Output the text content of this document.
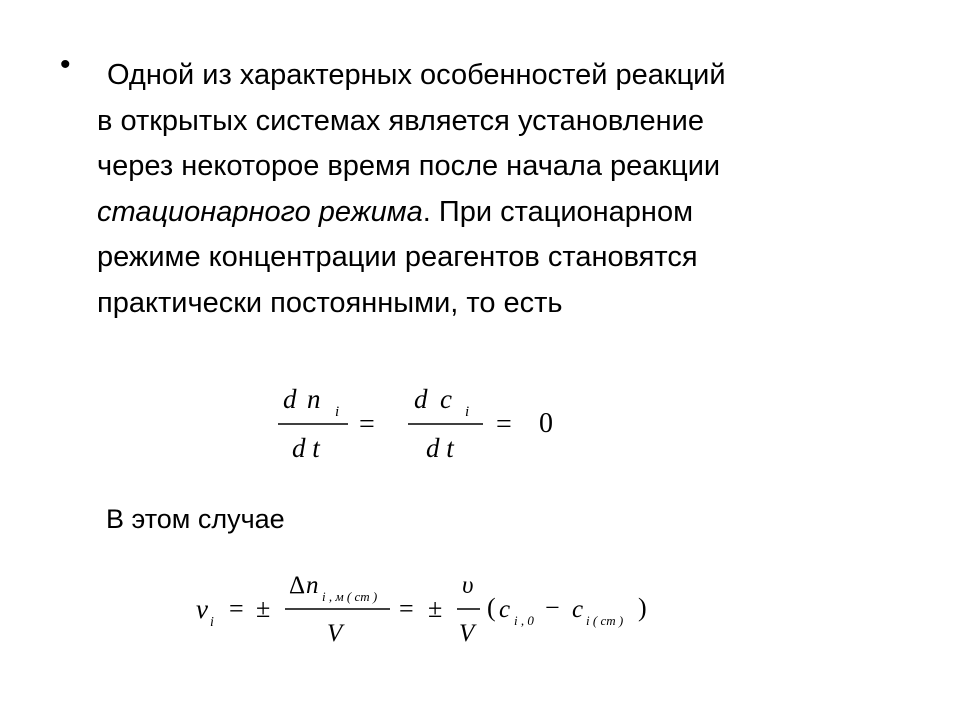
•	Одной из характерных особенностей реакций
в открытых системах является установление
через некоторое время после начала реакции
стационарного режима. При стационарном
режиме концентрации реагентов становятся
практически постоянными, то есть
d n i
d t
=
d c i
d t
= 0
В этом случае
v i = ±
Δ n i , м ( ст )
V
= ±
υ
V
( c i , 0 − c i ( ст ) )
